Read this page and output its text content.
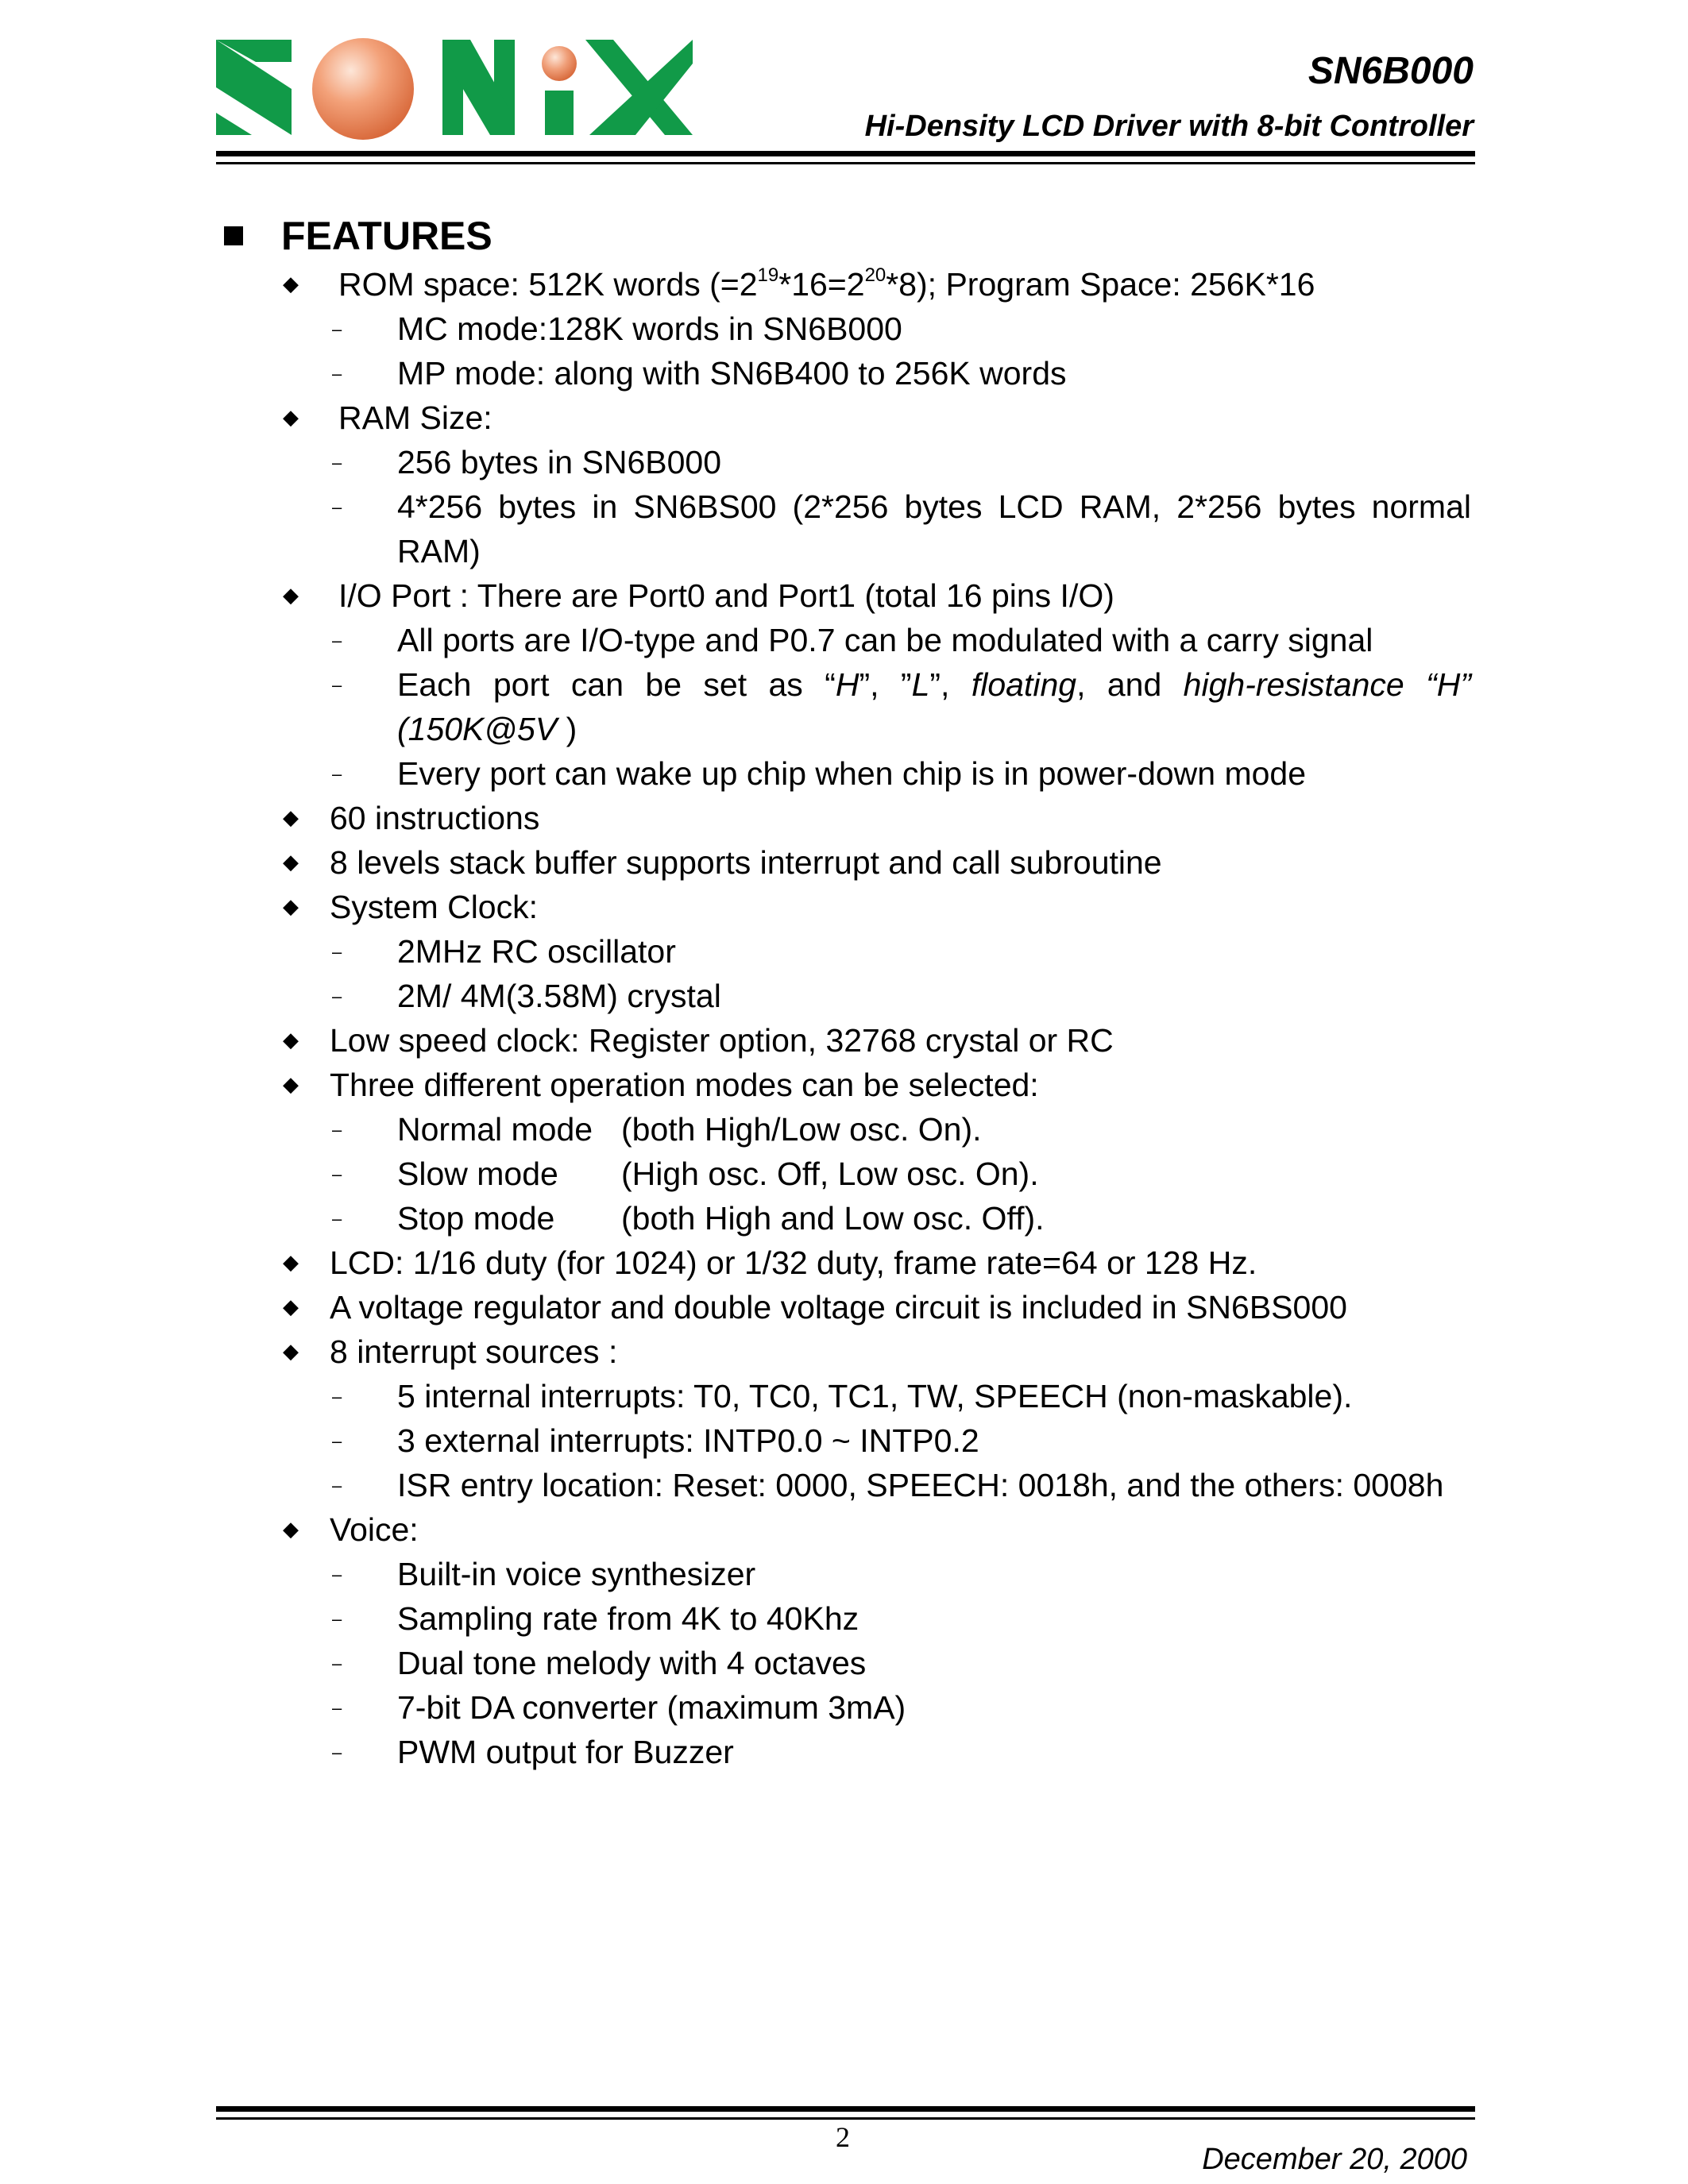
SN6B000
Hi-Density LCD Driver with 8-bit Controller
FEATURES
◆ ROM space: 512K words $(=2^{19}*16=2^{20}*8)$; Program Space: 256K*16
– MC mode:128K words in SN6B000
– MP mode: along with SN6B400 to 256K words
◆ RAM Size:
– 256 bytes in SN6B000
– 4*256 bytes in SN6BS00 (2*256 bytes LCD RAM, 2*256 bytes normal
RAM)
◆ I/O Port : There are Port0 and Port1 (total 16 pins I/O)
– All ports are I/O-type and P0.7 can be modulated with a carry signal
– Each port can be set as “H”, ”L”, floating, and high-resistance “H”
(150K@5V )
– Every port can wake up chip when chip is in power-down mode
◆ 60 instructions
◆ 8 levels stack buffer supports interrupt and call subroutine
◆ System Clock:
– 2MHz RC oscillator
– 2M/ 4M(3.58M) crystal
◆ Low speed clock: Register option, 32768 crystal or RC
◆ Three different operation modes can be selected:
– Normal mode (both High/Low osc. On).
– Slow mode (High osc. Off, Low osc. On).
– Stop mode (both High and Low osc. Off).
◆ LCD: 1/16 duty (for 1024) or 1/32 duty, frame rate=64 or 128 Hz.
◆ A voltage regulator and double voltage circuit is included in SN6BS000
◆ 8 interrupt sources :
– 5 internal interrupts: T0, TC0, TC1, TW, SPEECH (non-maskable).
– 3 external interrupts: INTP0.0 ~ INTP0.2
– ISR entry location: Reset: 0000, SPEECH: 0018h, and the others: 0008h
◆ Voice:
– Built-in voice synthesizer
– Sampling rate from 4K to 40Khz
– Dual tone melody with 4 octaves
– 7-bit DA converter (maximum 3mA)
– PWM output for Buzzer
2
December 20, 2000
